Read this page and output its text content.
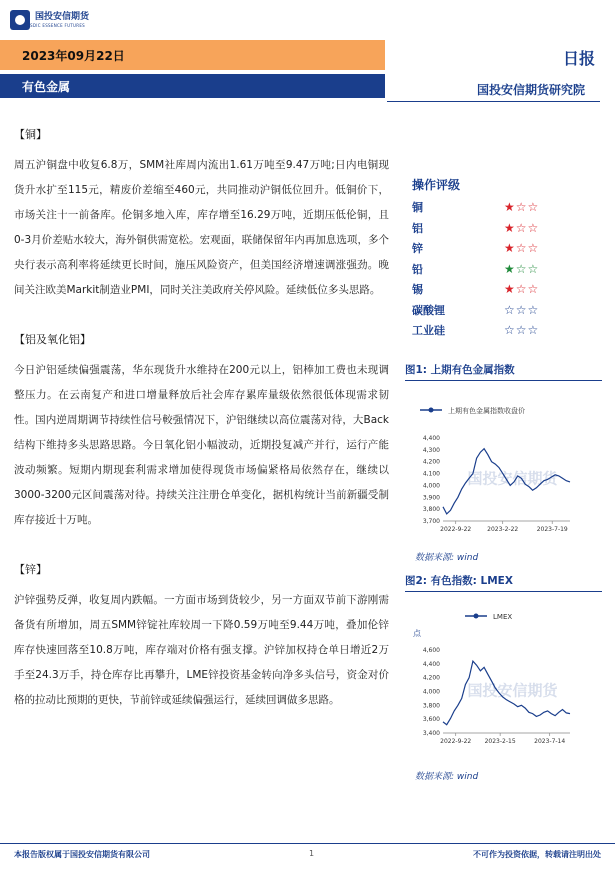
国投安信期货
SDIC ESSENCE FUTURES
2023年09月22日	日报
有色金属	国投安信期货研究院
【铜】
周五沪铜盘中收复6.8万，SMM社库周内流出1.61万吨至9.47万吨;日内电铜现货升水扩至115元，精废价差缩至460元，共同推动沪铜低位回升。低铜价下，市场关注十一前备库。伦铜多地入库，库存增至16.29万吨，近期压低伦铜，且0-3月价差贴水较大，海外铜供需宽松。宏观面，联储保留年内再加息选项，多个央行表示高利率将延续更长时间，施压风险资产，但美国经济增速调涨强劲。晚间关注欧美Markit制造业PMI，同时关注美政府关停风险。延续低位多头思路。
【铝及氧化铝】
今日沪铝延续偏强震荡，华东现货升水维持在200元以上，铝棒加工费也未现调整压力。在云南复产和进口增量释放后社会库存累库量级依然很低体现需求韧性。国内逆周期调节持续性信号較强情况下，沪铝继续以高位震荡对待，大Back结构下维持多头思路思路。今日氧化铝小幅波动，近期投复减产并行，运行产能波动频繁。短期内期现套利需求增加使得现货市场偏紧格局依然存在，继续以3000-3200元区间震荡对待。持续关注注册仓单变化，据机构统计当前新疆受制库存接近十万吨。
【锌】
沪锌强势反弹，收复周内跌幅。一方面市场到货较少，另一方面双节前下游刚需备货有所增加，周五SMM锌锭社库较周一下降0.59万吨至9.44万吨，叠加伦锌库存快速回落至10.8万吨，库存端对价格有强支撑。沪锌加权持仓单日增近2万手至24.3万手，持仓库存比再攀升，LME锌投资基金转向净多头信号，资金对价格的拉动比预期的更快，节前锌或延续偏强运行，延续回调做多思路。
操作评级
铜	★☆☆
铝	★☆☆
锌	★☆☆
铅	★☆☆
锡	★☆☆
碳酸锂	☆☆☆
工业硅	☆☆☆
图1: 上期有色金属指数
上期有色金属指数收盘价
国投安信期货
3,700
3,800
3,900
4,000
4,100
4,200
4,300
4,400
2022-9-22	2023-2-22	2023-7-19
数据来源: wind
图2: 有色指数: LMEX
LMEX
点
国投安信期货
3,400
3,600
3,800
4,000
4,200
4,400
4,600
2022-9-22 2023-2-15	2023-7-14
数据来源: wind
本报告版权属于国投安信期货有限公司	1	不可作为投资依据，转载请注明出处
